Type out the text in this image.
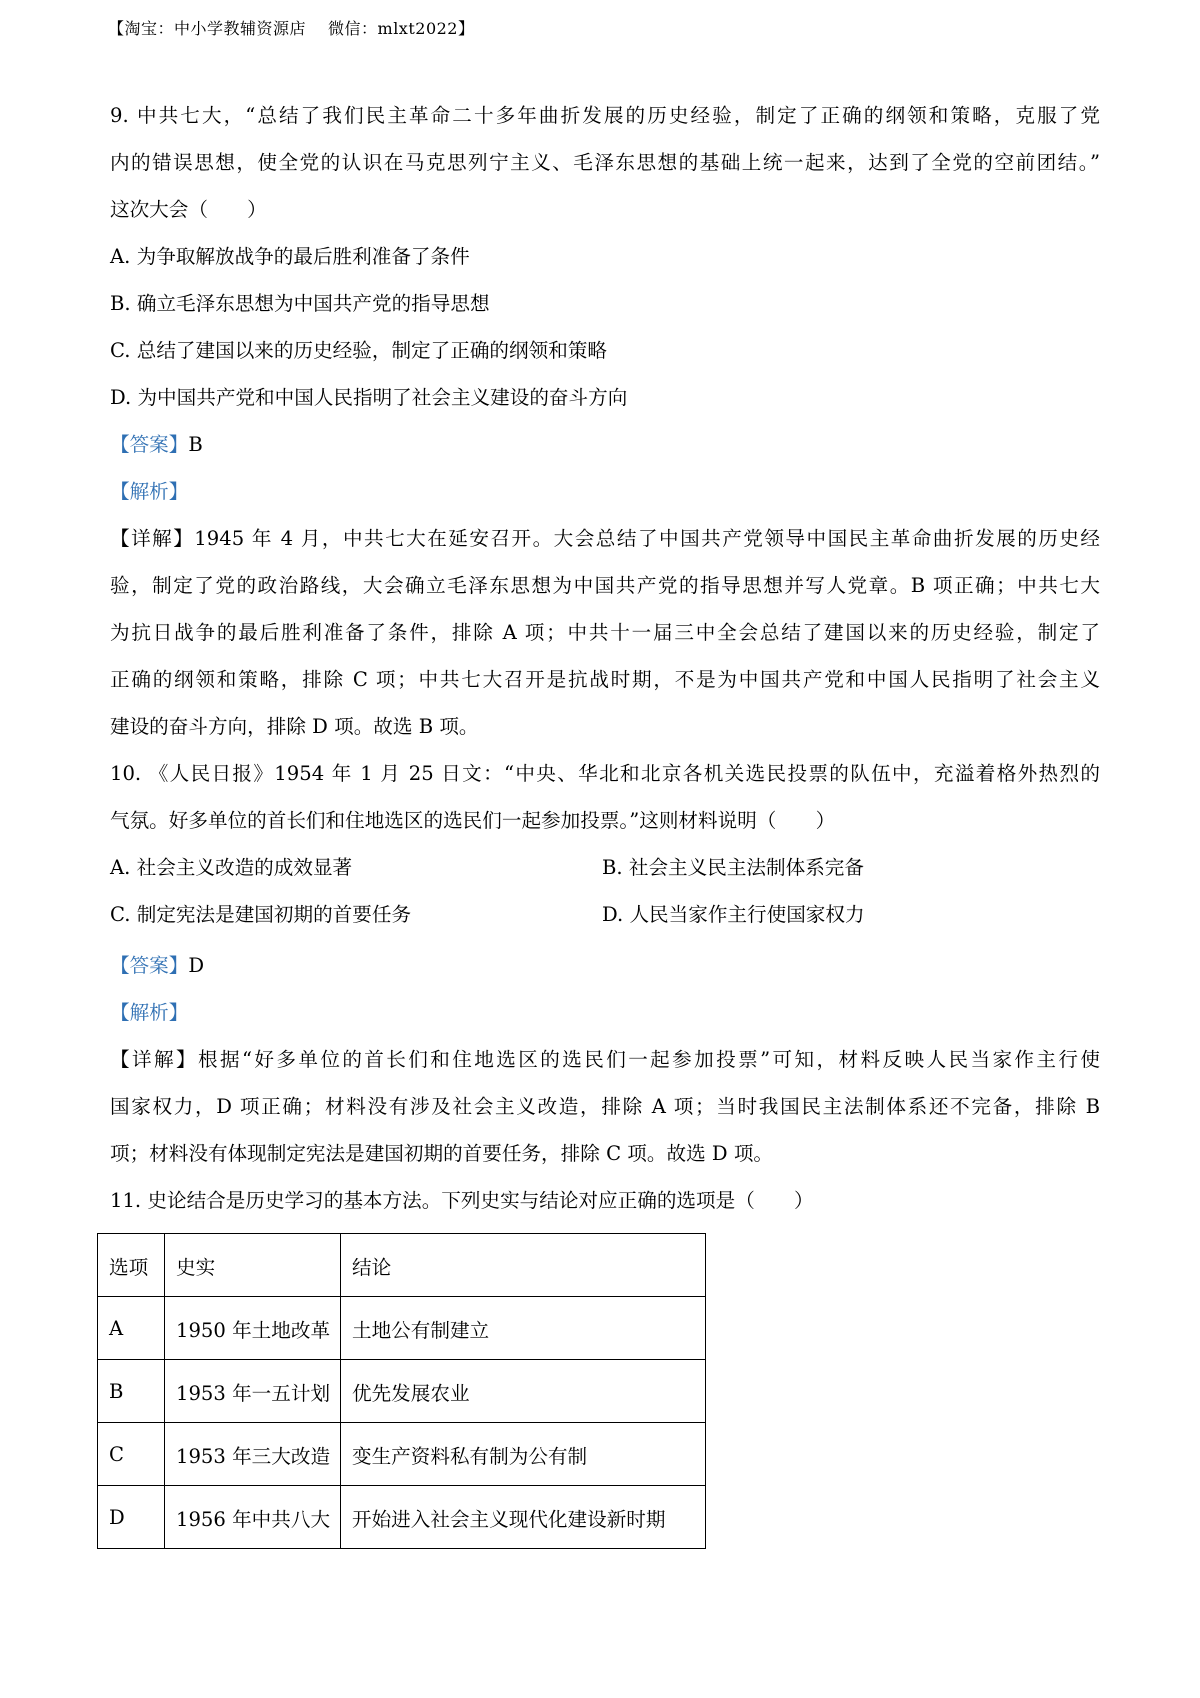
【淘宝：中小学教辅资源店 微信：mlxt2022】
9. 中共七大，“总结了我们民主革命二十多年曲折发展的历史经验，制定了正确的纲领和策略，克服了党
内的错误思想，使全党的认识在马克思列宁主义、毛泽东思想的基础上统一起来，达到了全党的空前团结。”
这次大会（　　）
A. 为争取解放战争的最后胜利准备了条件
B. 确立毛泽东思想为中国共产党的指导思想
C. 总结了建国以来的历史经验，制定了正确的纲领和策略
D. 为中国共产党和中国人民指明了社会主义建设的奋斗方向
【答案】B
【解析】
【详解】1945 年 4 月，中共七大在延安召开。大会总结了中国共产党领导中国民主革命曲折发展的历史经
验，制定了党的政治路线，大会确立毛泽东思想为中国共产党的指导思想并写人党章。B 项正确；中共七大
为抗日战争的最后胜利准备了条件，排除 A 项；中共十一届三中全会总结了建国以来的历史经验，制定了
正确的纲领和策略，排除 C 项；中共七大召开是抗战时期，不是为中国共产党和中国人民指明了社会主义
建设的奋斗方向，排除 D 项。故选 B 项。
10. 《人民日报》1954 年 1 月 25 日文：“中央、华北和北京各机关选民投票的队伍中，充溢着格外热烈的
气氛。好多单位的首长们和住地选区的选民们一起参加投票。”这则材料说明（　　）
A. 社会主义改造的成效显著	B. 社会主义民主法制体系完备
C. 制定宪法是建国初期的首要任务	D. 人民当家作主行使国家权力
【答案】D
【解析】
【详解】根据“好多单位的首长们和住地选区的选民们一起参加投票”可知，材料反映人民当家作主行使
国家权力，D 项正确；材料没有涉及社会主义改造，排除 A 项；当时我国民主法制体系还不完备，排除 B
项；材料没有体现制定宪法是建国初期的首要任务，排除 C 项。故选 D 项。
11. 史论结合是历史学习的基本方法。下列史实与结论对应正确的选项是（　　）
选项	史实	结论
A	1950 年土地改革	土地公有制建立
B	1953 年一五计划	优先发展农业
C	1953 年三大改造	变生产资料私有制为公有制
D	1956 年中共八大	开始进入社会主义现代化建设新时期
